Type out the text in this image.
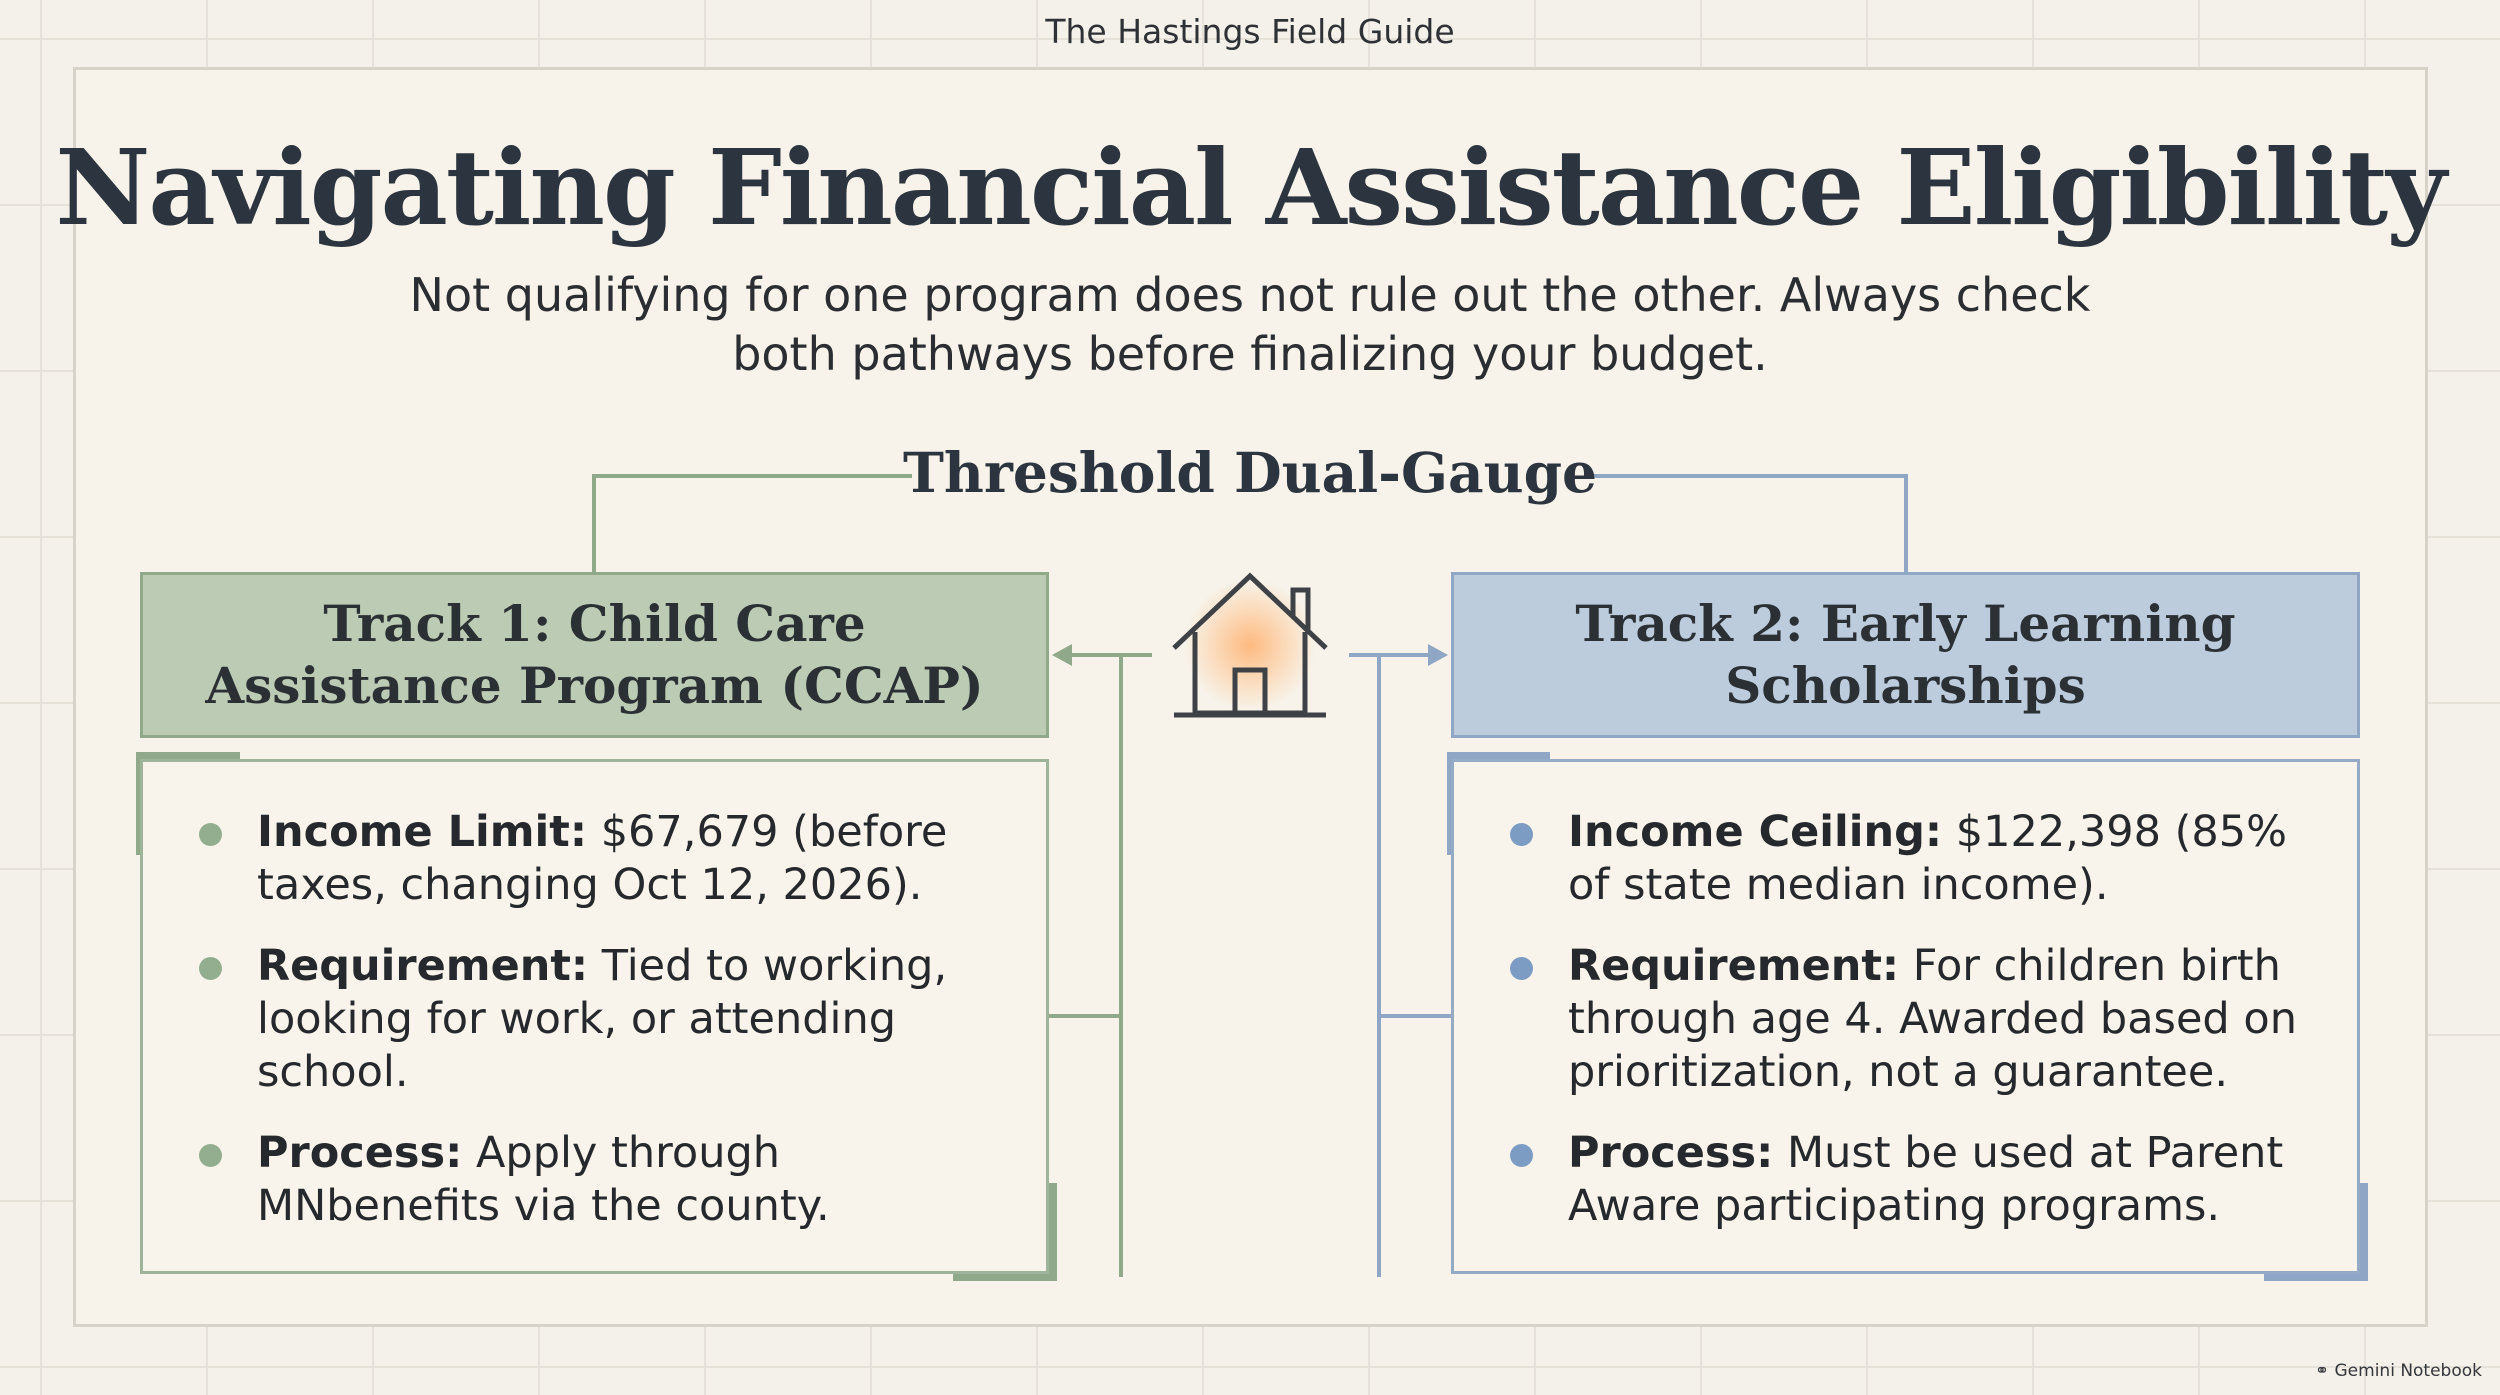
The Hastings Field Guide
Navigating Financial Assistance Eligibility
Not qualifying for one program does not rule out the other. Always check
both pathways before finalizing your budget.
Threshold Dual-Gauge
Track 1: Child Care Assistance Program (CCAP)
Track 2: Early Learning Scholarships
Income Limit: $67,679 (before taxes, changing Oct 12, 2026).
Requirement: Tied to working, looking for work, or attending school.
Process: Apply through MNbenefits via the county.
Income Ceiling: $122,398 (85% of state median income).
Requirement: For children birth through age 4. Awarded based on prioritization, not a guarantee.
Process: Must be used at Parent Aware participating programs.
⚭ Gemini Notebook
